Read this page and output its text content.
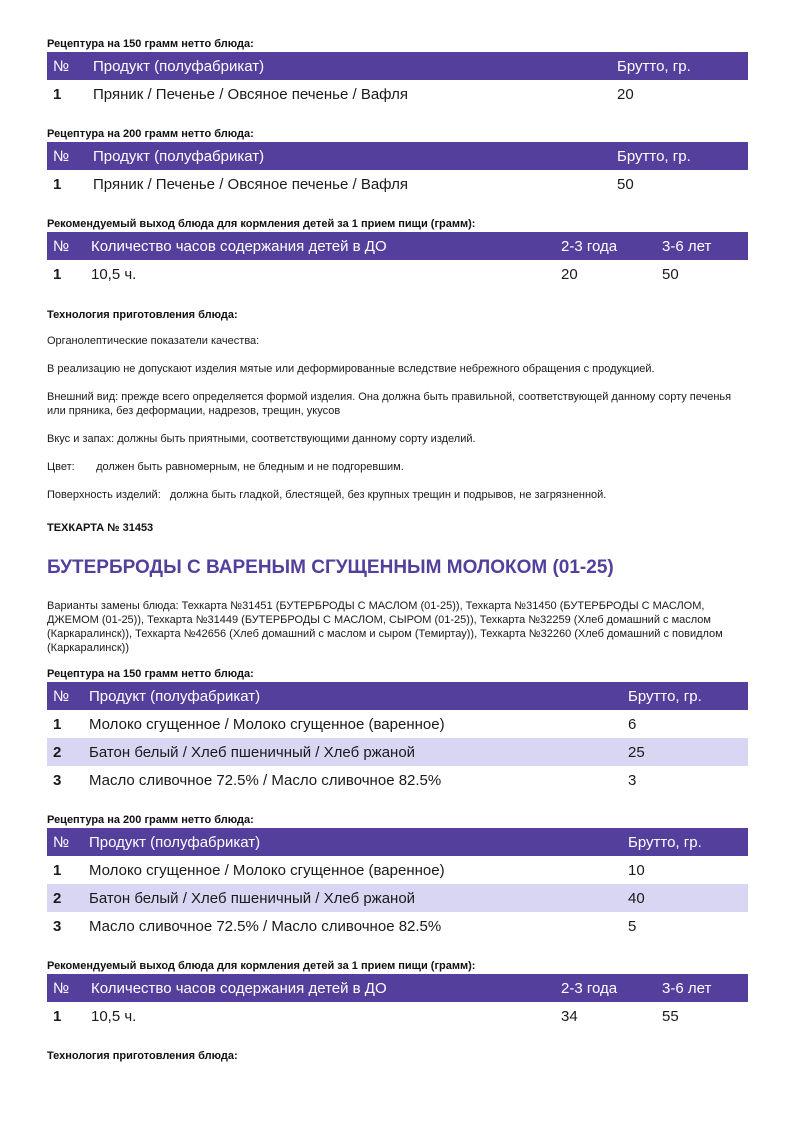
Рецептура на 150 грамм нетто блюда:
№	Продукт (полуфабрикат)	Брутто, гр.
1	Пряник / Печенье / Овсяное печенье / Вафля	20
Рецептура на 200 грамм нетто блюда:
№	Продукт (полуфабрикат)	Брутто, гр.
1	Пряник / Печенье / Овсяное печенье / Вафля	50
Рекомендуемый выход блюда для кормления детей за 1 прием пищи (грамм):
№	Количество часов содержания детей в ДО	2-3 года	3-6 лет
1	10,5 ч.	20	50
Технология приготовления блюда:
Органолептические показатели качества:
В реализацию не допускают изделия мятые или деформированные вследствие небрежного обращения с продукцией.
Внешний вид: прежде всего определяется формой изделия. Она должна быть правильной, соответствующей данному сорту печенья или пряника, без деформации, надрезов, трещин, укусов
Вкус и запах: должны быть приятными, соответствующими данному сорту изделий.
Цвет:       должен быть равномерным, не бледным и не подгоревшим.
Поверхность изделий:   должна быть гладкой, блестящей, без крупных трещин и подрывов, не загрязненной.
ТЕХКАРТА № 31453
БУТЕРБРОДЫ С ВАРЕНЫМ СГУЩЕННЫМ МОЛОКОМ (01-25)
Варианты замены блюда: Техкарта №31451 (БУТЕРБРОДЫ С МАСЛОМ (01-25)), Техкарта №31450 (БУТЕРБРОДЫ С МАСЛОМ, ДЖЕМОМ (01-25)), Техкарта №31449 (БУТЕРБРОДЫ С МАСЛОМ, СЫРОМ (01-25)), Техкарта №32259 (Хлеб домашний с маслом (Каркаралинск)), Техкарта №42656 (Хлеб домашний с маслом и сыром (Темиртау)), Техкарта №32260 (Хлеб домашний с повидлом (Каркаралинск))
Рецептура на 150 грамм нетто блюда:
№	Продукт (полуфабрикат)	Брутто, гр.
1	Молоко сгущенное / Молоко сгущенное (варенное)	6
2	Батон белый / Хлеб пшеничный / Хлеб ржаной	25
3	Масло сливочное 72.5% / Масло сливочное 82.5%	3
Рецептура на 200 грамм нетто блюда:
№	Продукт (полуфабрикат)	Брутто, гр.
1	Молоко сгущенное / Молоко сгущенное (варенное)	10
2	Батон белый / Хлеб пшеничный / Хлеб ржаной	40
3	Масло сливочное 72.5% / Масло сливочное 82.5%	5
Рекомендуемый выход блюда для кормления детей за 1 прием пищи (грамм):
№	Количество часов содержания детей в ДО	2-3 года	3-6 лет
1	10,5 ч.	34	55
Технология приготовления блюда:
